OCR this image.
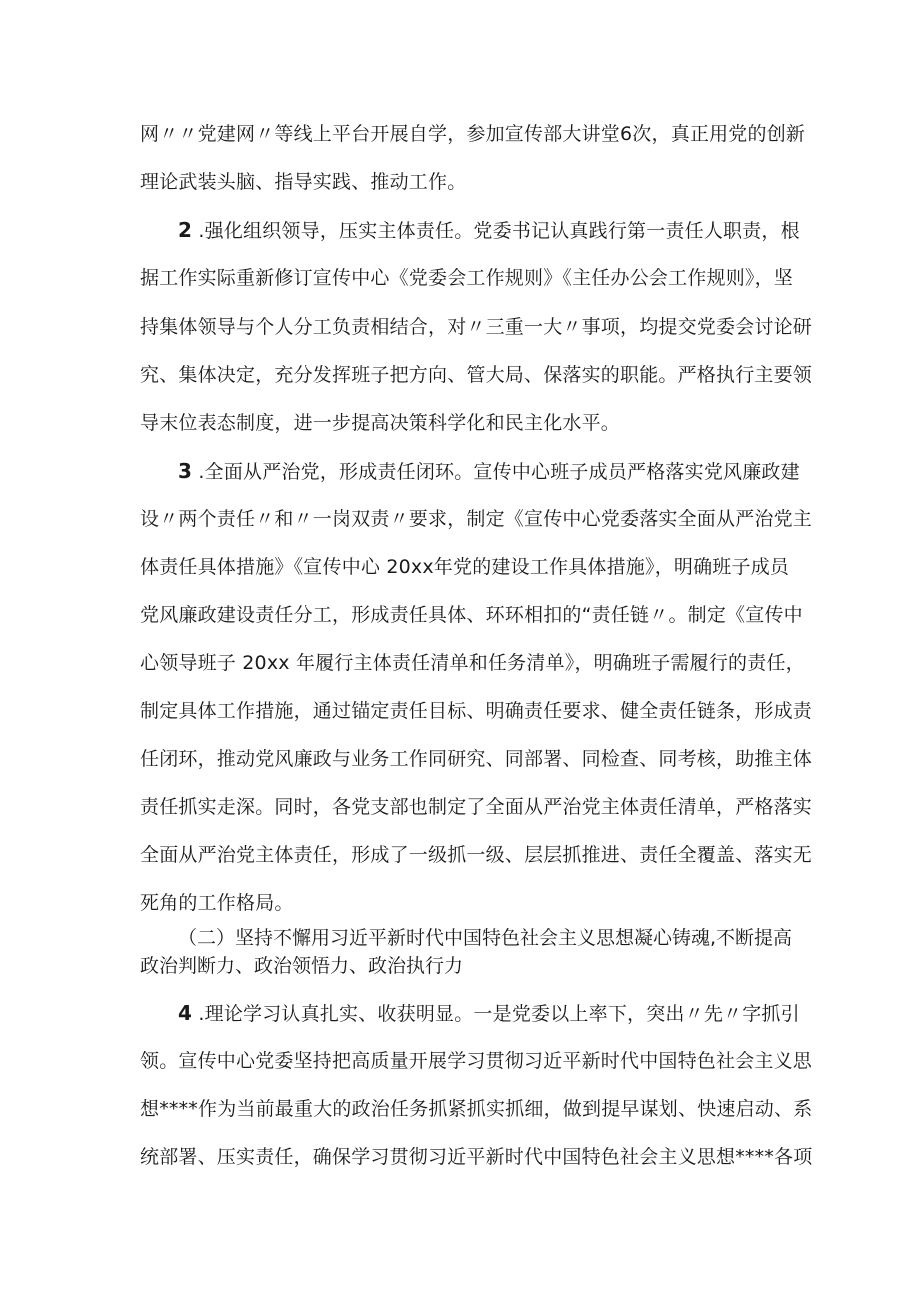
网〃〃党建网〃等线上平台开展自学，参加宣传部大讲堂6次，真正用党的创新
理论武装头脑、指导实践、推动工作。
2 .强化组织领导，压实主体责任。党委书记认真践行第一责任人职责，根
据工作实际重新修订宣传中心《党委会工作规则》《主任办公会工作规则》，坚
持集体领导与个人分工负责相结合，对〃三重一大〃事项，均提交党委会讨论研
究、集体决定，充分发挥班子把方向、管大局、保落实的职能。严格执行主要领
导末位表态制度，进一步提高决策科学化和民主化水平。
3 .全面从严治党，形成责任闭环。宣传中心班子成员严格落实党风廉政建
设〃两个责任〃和〃一岗双责〃要求，制定《宣传中心党委落实全面从严治党主
体责任具体措施》《宣传中心 20xx年党的建设工作具体措施》，明确班子成员
党风廉政建设责任分工，形成责任具体、环环相扣的“责任链〃。制定《宣传中
心领导班子 20xx 年履行主体责任清单和任务清单》，明确班子需履行的责任，
制定具体工作措施，通过锚定责任目标、明确责任要求、健全责任链条，形成责
任闭环，推动党风廉政与业务工作同研究、同部署、同检查、同考核，助推主体
责任抓实走深。同时，各党支部也制定了全面从严治党主体责任清单，严格落实
全面从严治党主体责任，形成了一级抓一级、层层抓推进、责任全覆盖、落实无
死角的工作格局。
（二）坚持不懈用习近平新时代中国特色社会主义思想凝心铸魂,不断提高
政治判断力、政治领悟力、政治执行力
4 .理论学习认真扎实、收获明显。一是党委以上率下，突出〃先〃字抓引
领。宣传中心党委坚持把高质量开展学习贯彻习近平新时代中国特色社会主义思
想****作为当前最重大的政治任务抓紧抓实抓细，做到提早谋划、快速启动、系
统部署、压实责任，确保学习贯彻习近平新时代中国特色社会主义思想****各项
